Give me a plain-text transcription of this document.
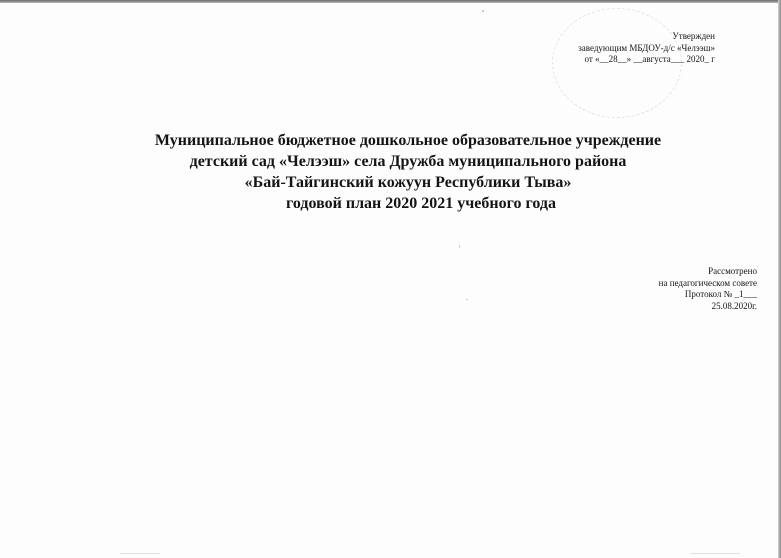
Утвержден
заведующим МБДОУ-д/с «Челээш»
от «__28__» __августа___ 2020_ г
Муниципальное бюджетное дошкольное образовательное учреждение
детский сад «Челээш» села Дружба муниципального района
«Бай-Тайгинский кожуун Республики Тыва»
годовой план 2020 2021 учебного года
Рассмотрено
на педагогическом совете
Протокол № _1___
25.08.2020г.
